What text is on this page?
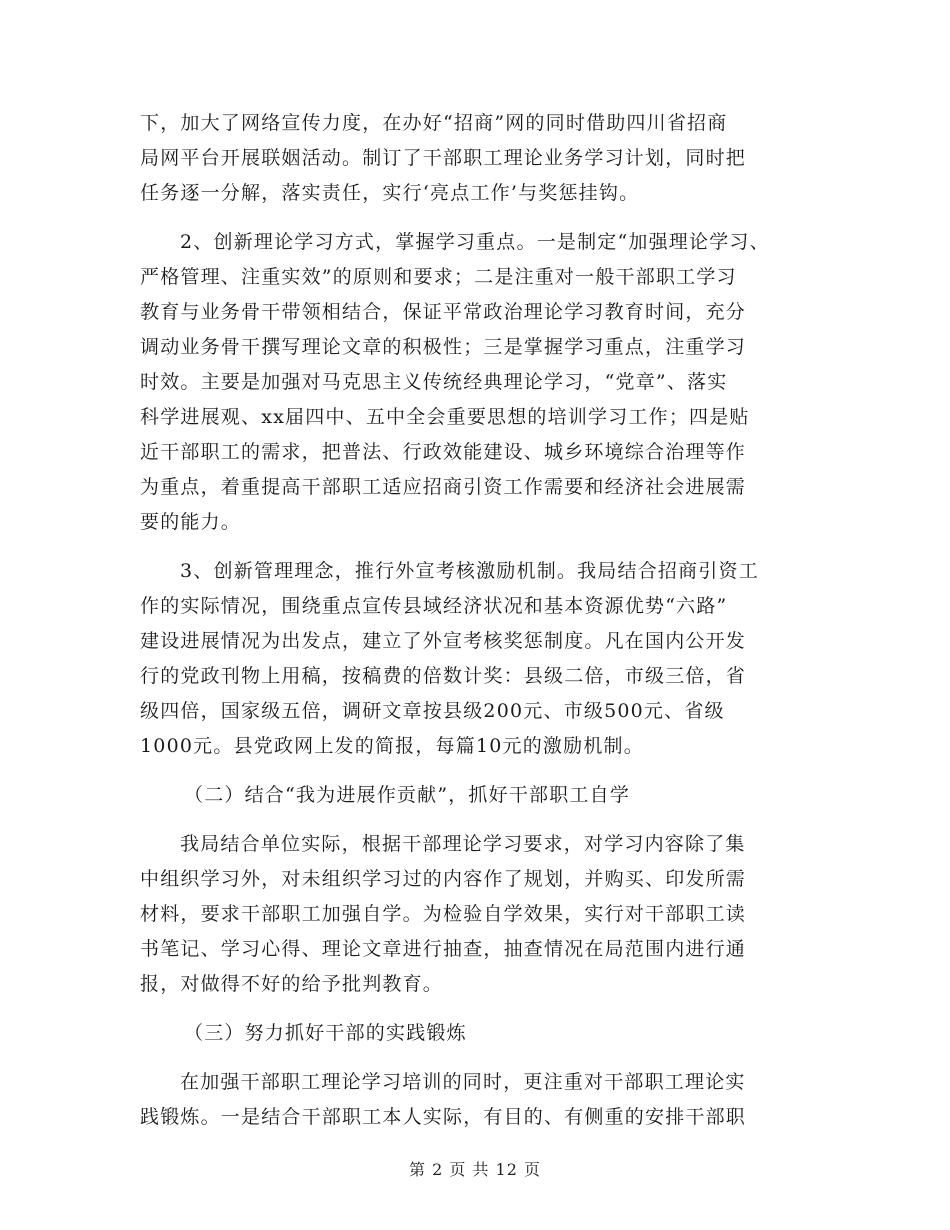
下，加大了网络宣传力度，在办好“招商”网的同时借助四川省招商
局网平台开展联姻活动。制订了干部职工理论业务学习计划，同时把
任务逐一分解，落实责任，实行‘亮点工作’与奖惩挂钩。
2、创新理论学习方式，掌握学习重点。一是制定“加强理论学习、
严格管理、注重实效”的原则和要求；二是注重对一般干部职工学习
教育与业务骨干带领相结合，保证平常政治理论学习教育时间，充分
调动业务骨干撰写理论文章的积极性；三是掌握学习重点，注重学习
时效。主要是加强对马克思主义传统经典理论学习，“党章”、落实
科学进展观、xx届四中、五中全会重要思想的培训学习工作；四是贴
近干部职工的需求，把普法、行政效能建设、城乡环境综合治理等作
为重点，着重提高干部职工适应招商引资工作需要和经济社会进展需
要的能力。
3、创新管理理念，推行外宣考核激励机制。我局结合招商引资工
作的实际情况，围绕重点宣传县域经济状况和基本资源优势“六路”
建设进展情况为出发点，建立了外宣考核奖惩制度。凡在国内公开发
行的党政刊物上用稿，按稿费的倍数计奖：县级二倍，市级三倍，省
级四倍，国家级五倍，调研文章按县级200元、市级500元、省级
1000元。县党政网上发的简报，每篇10元的激励机制。
（二）结合“我为进展作贡献”，抓好干部职工自学
我局结合单位实际，根据干部理论学习要求，对学习内容除了集
中组织学习外，对未组织学习过的内容作了规划，并购买、印发所需
材料，要求干部职工加强自学。为检验自学效果，实行对干部职工读
书笔记、学习心得、理论文章进行抽查，抽查情况在局范围内进行通
报，对做得不好的给予批判教育。
（三）努力抓好干部的实践锻炼
在加强干部职工理论学习培训的同时，更注重对干部职工理论实
践锻炼。一是结合干部职工本人实际，有目的、有侧重的安排干部职
第 2 页 共 12 页
